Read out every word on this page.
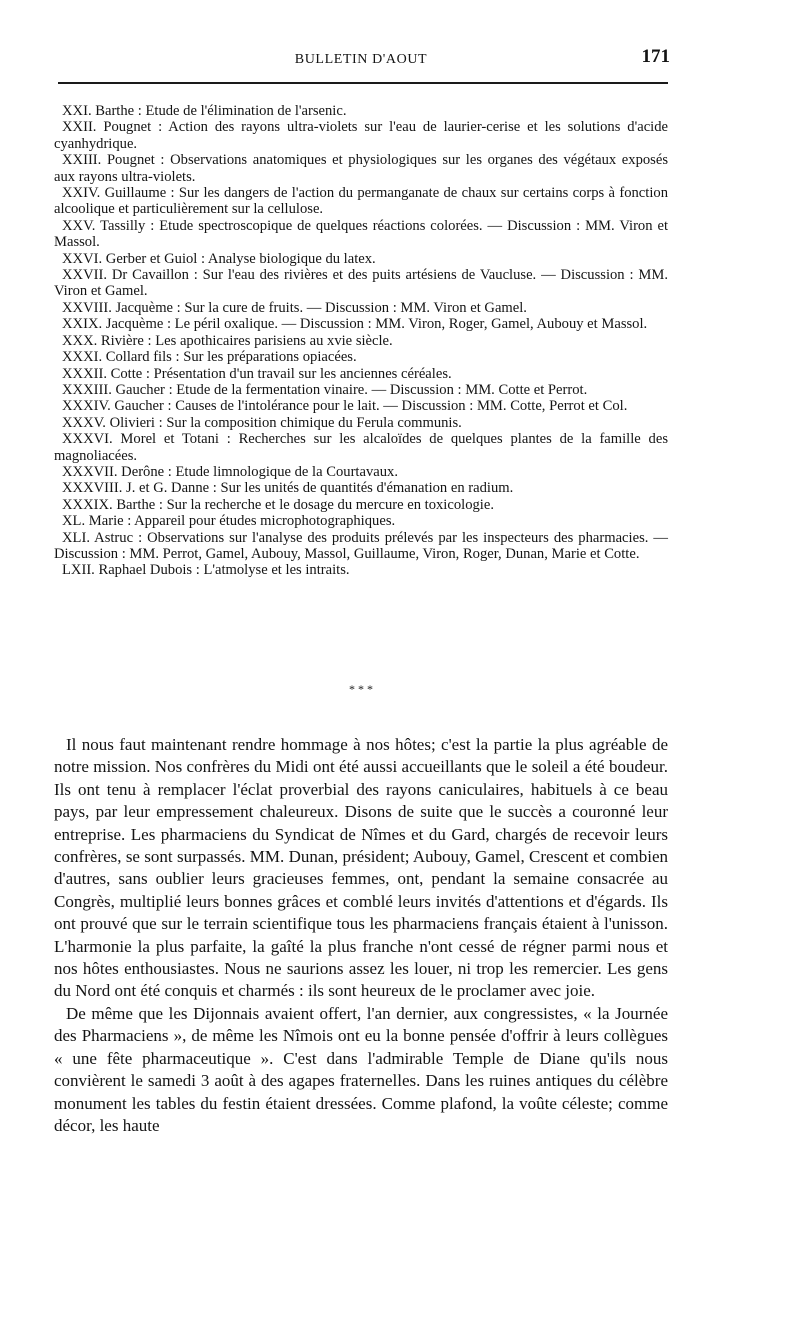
BULLETIN D'AOUT	171

XXI. Barthe : Etude de l'élimination de l'arsenic.

XXII. Pougnet : Action des rayons ultra-violets sur l'eau de laurier-cerise et les solutions d'acide cyanhydrique.

XXIII. Pougnet : Observations anatomiques et physiologiques sur les organes des végétaux exposés aux rayons ultra-violets.

XXIV. Guillaume : Sur les dangers de l'action du permanganate de chaux sur certains corps à fonction alcoolique et particulièrement sur la cellulose.

XXV. Tassilly : Etude spectroscopique de quelques réactions colorées. — Discussion : MM. Viron et Massol.

XXVI. Gerber et Guiol : Analyse biologique du latex.

XXVII. Dr Cavaillon : Sur l'eau des rivières et des puits artésiens de Vaucluse. — Discussion : MM. Viron et Gamel.

XXVIII. Jacquème : Sur la cure de fruits. — Discussion : MM. Viron et Gamel.

XXIX. Jacquème : Le péril oxalique. — Discussion : MM. Viron, Roger, Gamel, Aubouy et Massol.

XXX. Rivière : Les apothicaires parisiens au xvie siècle.

XXXI. Collard fils : Sur les préparations opiacées.

XXXII. Cotte : Présentation d'un travail sur les anciennes céréales.

XXXIII. Gaucher : Etude de la fermentation vinaire. — Discussion : MM. Cotte et Perrot.

XXXIV. Gaucher : Causes de l'intolérance pour le lait. — Discussion : MM. Cotte, Perrot et Col.

XXXV. Olivieri : Sur la composition chimique du Ferula communis.

XXXVI. Morel et Totani : Recherches sur les alcaloïdes de quelques plantes de la famille des magnoliacées.

XXXVII. Derône : Etude limnologique de la Courtavaux.

XXXVIII. J. et G. Danne : Sur les unités de quantités d'émanation en radium.

XXXIX. Barthe : Sur la recherche et le dosage du mercure en toxicologie.

XL. Marie : Appareil pour études microphotographiques.

XLI. Astruc : Observations sur l'analyse des produits prélevés par les inspecteurs des pharmacies. — Discussion : MM. Perrot, Gamel, Aubouy, Massol, Guillaume, Viron, Roger, Dunan, Marie et Cotte.

LXII. Raphael Dubois : L'atmolyse et les intraits.

* * *

Il nous faut maintenant rendre hommage à nos hôtes; c'est la partie la plus agréable de notre mission. Nos confrères du Midi ont été aussi accueillants que le soleil a été boudeur. Ils ont tenu à remplacer l'éclat proverbial des rayons caniculaires, habituels à ce beau pays, par leur empressement chaleureux. Disons de suite que le succès a couronné leur entreprise. Les pharmaciens du Syndicat de Nîmes et du Gard, chargés de recevoir leurs confrères, se sont surpassés. MM. Dunan, président; Aubouy, Gamel, Crescent et combien d'autres, sans oublier leurs gracieuses femmes, ont, pendant la semaine consacrée au Congrès, multiplié leurs bonnes grâces et comblé leurs invités d'attentions et d'égards. Ils ont prouvé que sur le terrain scientifique tous les pharmaciens français étaient à l'unisson. L'harmonie la plus parfaite, la gaîté la plus franche n'ont cessé de régner parmi nous et nos hôtes enthousiastes. Nous ne saurions assez les louer, ni trop les remercier. Les gens du Nord ont été conquis et charmés : ils sont heureux de le proclamer avec joie.

De même que les Dijonnais avaient offert, l'an dernier, aux congressistes, « la Journée des Pharmaciens », de même les Nîmois ont eu la bonne pensée d'offrir à leurs collègues « une fête pharmaceutique ». C'est dans l'admirable Temple de Diane qu'ils nous convièrent le samedi 3 août à des agapes fraternelles. Dans les ruines antiques du célèbre monument les tables du festin étaient dressées. Comme plafond, la voûte céleste; comme décor, les haute
